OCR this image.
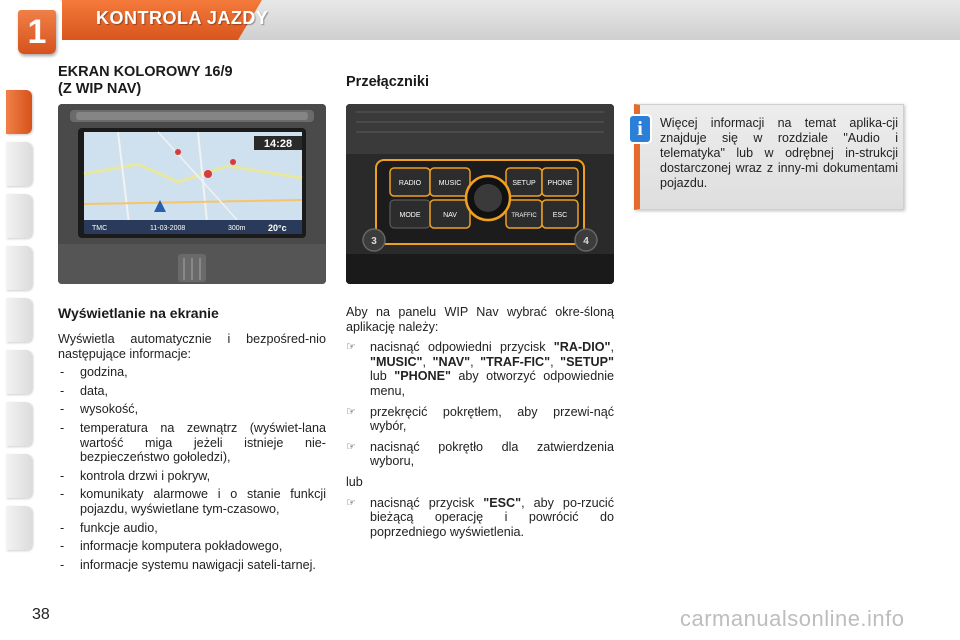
1	KONTROLA JAZDY
EKRAN KOLOROWY 16/9
(Z WIP NAV)	Przełączniki
14:28
TMC	11-03-2008	300m 20°c
RADIO	MUSIC	SETUP PHONE
MODE	NAV	TRAFFIC ESC
3	4
i	Więcej informacji na temat aplika-cji znajduje się w rozdziale "Audio i telematyka" lub w odrębnej in-strukcji dostarczonej wraz z inny-mi dokumentami pojazdu.
Wyświetlanie na ekranie

Wyświetla automatycznie i bezpośred-nio następujące informacje:

- godzina,
- data,
- wysokość,
- temperatura na zewnątrz (wyświet-lana wartość miga jeżeli istnieje nie-bezpieczeństwo gołoledzi),
- kontrola drzwi i pokryw,
- komunikaty alarmowe i o stanie funkcji pojazdu, wyświetlane tym-czasowo,
- funkcje audio,
- informacje komputera pokładowego,
- informacje systemu nawigacji sateli-tarnej.

Aby na panelu WIP Nav wybrać okre-śloną aplikację należy:

☞ nacisnąć odpowiedni przycisk "RA-DIO", "MUSIC", "NAV", "TRAF-FIC", "SETUP" lub "PHONE" aby otworzyć odpowiednie menu,
☞ przekręcić pokrętłem, aby przewi-nąć wybór,
☞ nacisnąć pokrętło dla zatwierdzenia wyboru,

lub

☞ nacisnąć przycisk "ESC", aby po-rzucić bieżącą operację i powrócić do poprzedniego wyświetlenia.
38	carmanualsonline.info
